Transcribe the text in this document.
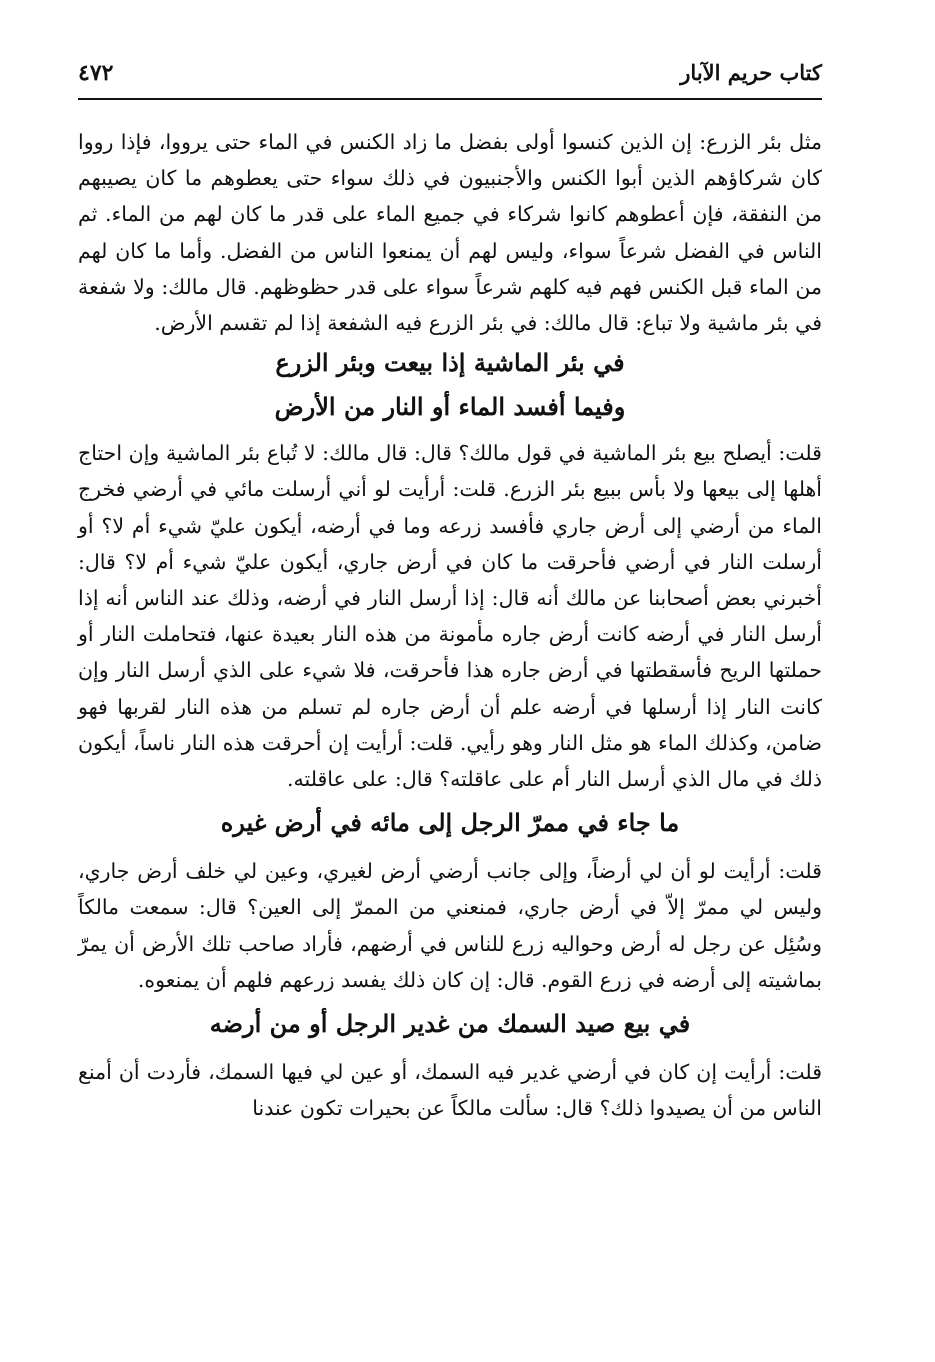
كتاب حريم الآبار
٤٧٢

مثل بئر الزرع: إن الذين كنسوا أولى بفضل ما زاد الكنس في الماء حتى يرووا، فإذا رووا كان شركاؤهم الذين أبوا الكنس والأجنبيون في ذلك سواء حتى يعطوهم ما كان يصيبهم من النفقة، فإن أعطوهم كانوا شركاء في جميع الماء على قدر ما كان لهم من الماء. ثم الناس في الفضل شرعاً سواء، وليس لهم أن يمنعوا الناس من الفضل. وأما ما كان لهم من الماء قبل الكنس فهم فيه كلهم شرعاً سواء على قدر حظوظهم. قال مالك: ولا شفعة في بئر ماشية ولا تباع: قال مالك: في بئر الزرع فيه الشفعة إذا لم تقسم الأرض.

في بئر الماشية إذا بيعت وبئر الزرع
وفيما أفسد الماء أو النار من الأرض

قلت: أيصلح بيع بئر الماشية في قول مالك؟ قال: قال مالك: لا تُباع بئر الماشية وإن احتاج أهلها إلى بيعها ولا بأس ببيع بئر الزرع. قلت: أرأيت لو أني أرسلت مائي في أرضي فخرج الماء من أرضي إلى أرض جاري فأفسد زرعه وما في أرضه، أيكون عليّ شيء أم لا؟ أو أرسلت النار في أرضي فأحرقت ما كان في أرض جاري، أيكون عليّ شيء أم لا؟ قال: أخبرني بعض أصحابنا عن مالك أنه قال: إذا أرسل النار في أرضه، وذلك عند الناس أنه إذا أرسل النار في أرضه كانت أرض جاره مأمونة من هذه النار بعيدة عنها، فتحاملت النار أو حملتها الريح فأسقطتها في أرض جاره هذا فأحرقت، فلا شيء على الذي أرسل النار وإن كانت النار إذا أرسلها في أرضه علم أن أرض جاره لم تسلم من هذه النار لقربها فهو ضامن، وكذلك الماء هو مثل النار وهو رأيي. قلت: أرأيت إن أحرقت هذه النار ناساً، أيكون ذلك في مال الذي أرسل النار أم على عاقلته؟ قال: على عاقلته.

ما جاء في ممرّ الرجل إلى مائه في أرض غيره

قلت: أرأيت لو أن لي أرضاً، وإلى جانب أرضي أرض لغيري، وعين لي خلف أرض جاري، وليس لي ممرّ إلاّ في أرض جاري، فمنعني من الممرّ إلى العين؟ قال: سمعت مالكاً وسُئِل عن رجل له أرض وحواليه زرع للناس في أرضهم، فأراد صاحب تلك الأرض أن يمرّ بماشيته إلى أرضه في زرع القوم. قال: إن كان ذلك يفسد زرعهم فلهم أن يمنعوه.

في بيع صيد السمك من غدير الرجل أو من أرضه

قلت: أرأيت إن كان في أرضي غدير فيه السمك، أو عين لي فيها السمك، فأردت أن أمنع الناس من أن يصيدوا ذلك؟ قال: سألت مالكاً عن بحيرات تكون عندنا
